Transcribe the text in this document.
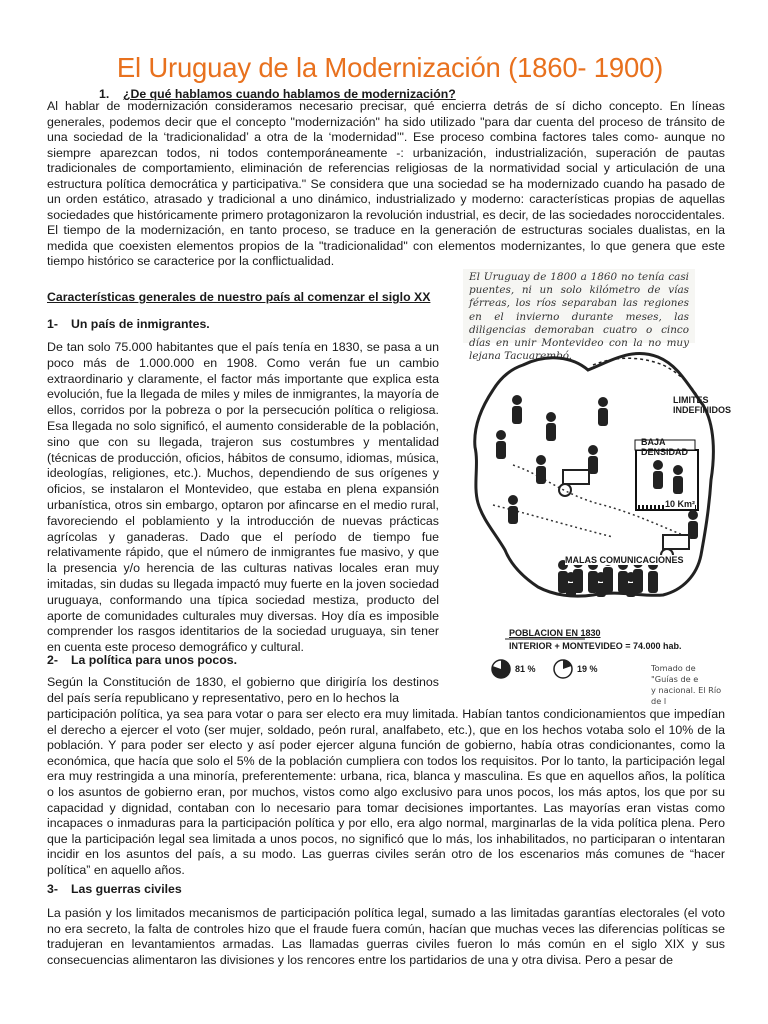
El Uruguay de la Modernización (1860- 1900)
1. ¿De qué hablamos cuando hablamos de modernización?

Al hablar de modernización consideramos necesario precisar, qué encierra detrás de sí dicho concepto. En líneas generales, podemos decir que el concepto "modernización" ha sido utilizado "para dar cuenta del proceso de tránsito de una sociedad de la ‘tradicionalidad’ a otra de la ‘modernidad’". Ese proceso combina factores tales como- aunque no siempre aparezcan todos, ni todos contemporáneamente -: urbanización, industrialización, superación de pautas tradicionales de comportamiento, eliminación de referencias religiosas de la normatividad social y articulación de una estructura política democrática y participativa." Se considera que una sociedad se ha modernizado cuando ha pasado de un orden estático, atrasado y tradicional a uno dinámico, industrializado y moderno: características propias de aquellas sociedades que históricamente primero protagonizaron la revolución industrial, es decir, de las sociedades noroccidentales. El tiempo de la modernización, en tanto proceso, se traduce en la generación de estructuras sociales dualistas, en la medida que coexisten elementos propios de la "tradicionalidad" con elementos modernizantes, lo que genera que este tiempo histórico se caracterice por la conflictualidad.

Características generales de nuestro país al comenzar el siglo XX
1- Un país de inmigrantes.

De tan solo 75.000 habitantes que el país tenía en 1830, se pasa a un poco más de 1.000.000 en 1908. Como verán fue un cambio extraordinario y claramente, el factor más importante que explica esta evolución, fue la llegada de miles y miles de inmigrantes, la mayoría de ellos, corridos por la pobreza o por la persecución política o religiosa. Esa llegada no solo significó, el aumento considerable de la población, sino que con su llegada, trajeron sus costumbres y mentalidad (técnicas de producción, oficios, hábitos de consumo, idiomas, música, ideologías, religiones, etc.). Muchos, dependiendo de sus orígenes y oficios, se instalaron el Montevideo, que estaba en plena expansión urbanística, otros sin embargo, optaron por afincarse en el medio rural, favoreciendo el poblamiento y la introducción de nuevas prácticas agrícolas y ganaderas. Dado que el período de tiempo fue relativamente rápido, que el número de inmigrantes fue masivo, y que la presencia y/o herencia de las culturas nativas locales eran muy imitadas, sin dudas su llegada impactó muy fuerte en la joven sociedad uruguaya, conformando una típica sociedad mestiza, producto del aporte de comunidades culturales muy diversas. Hoy día es imposible comprender los rasgos identitarios de la sociedad uruguaya, sin tener en cuenta este proceso demográfico y cultural.

2- La política para unos pocos.

Según la Constitución de 1830, el gobierno que dirigiría los destinos del país sería republicano y representativo, pero en lo hechos la

participación política, ya sea para votar o para ser electo era muy limitada. Habían tantos condicionamientos que impedían el derecho a ejercer el voto (ser mujer, soldado, peón rural, analfabeto, etc.), que en los hechos votaba solo el 10% de la población. Y para poder ser electo y así poder ejercer alguna función de gobierno, había otras condicionantes, como la económica, que hacía que solo el 5% de la población cumpliera con todos los requisitos. Por lo tanto, la participación legal era muy restringida a una minoría, preferentemente: urbana, rica, blanca y masculina. Es que en aquellos años, la política o los asuntos de gobierno eran, por muchos, vistos como algo exclusivo para unos pocos, los más aptos, los que por su capacidad y dignidad, contaban con lo necesario para tomar decisiones importantes. Las mayorías eran vistas como incapaces o inmaduras para la participación política y por ello, era algo normal, marginarlas de la vida política plena. Pero que la participación legal sea limitada a unos pocos, no significó que lo más, los inhabilitados, no participaran o intentaran incidir en los asuntos del país, a su modo. Las guerras civiles serán otro de los escenarios más comunes de “hacer política” en aquello años.

3- Las guerras civiles

La pasión y los limitados mecanismos de participación política legal, sumado a las limitadas garantías electorales (el voto no era secreto, la falta de controles hizo que el fraude fuera común, hacían que muchas veces las diferencias políticas se tradujeran en levantamientos armadas. Las llamadas guerras civiles fueron lo más común en el siglo XIX y sus consecuencias alimentaron las divisiones y los rencores entre los partidarios de una y otra divisa. Pero a pesar de

El Uruguay de 1800 a 1860 no tenía casi puentes, ni un solo kilómetro de vías férreas, los ríos separaban las regiones en el invierno durante meses, las diligencias demoraban cuatro o cinco días en unir Montevideo con la no muy lejana Tacuarembó.
LIMITES
INDEFINIDOS
BAJA
DENSIDAD
10 Km²
MALAS COMUNICACIONES
POBLACION EN 1830
INTERIOR + MONTEVIDEO = 74.000 hab.
81 %	19 %	Tomado de "Guías de e
y nacional. El Río de l
